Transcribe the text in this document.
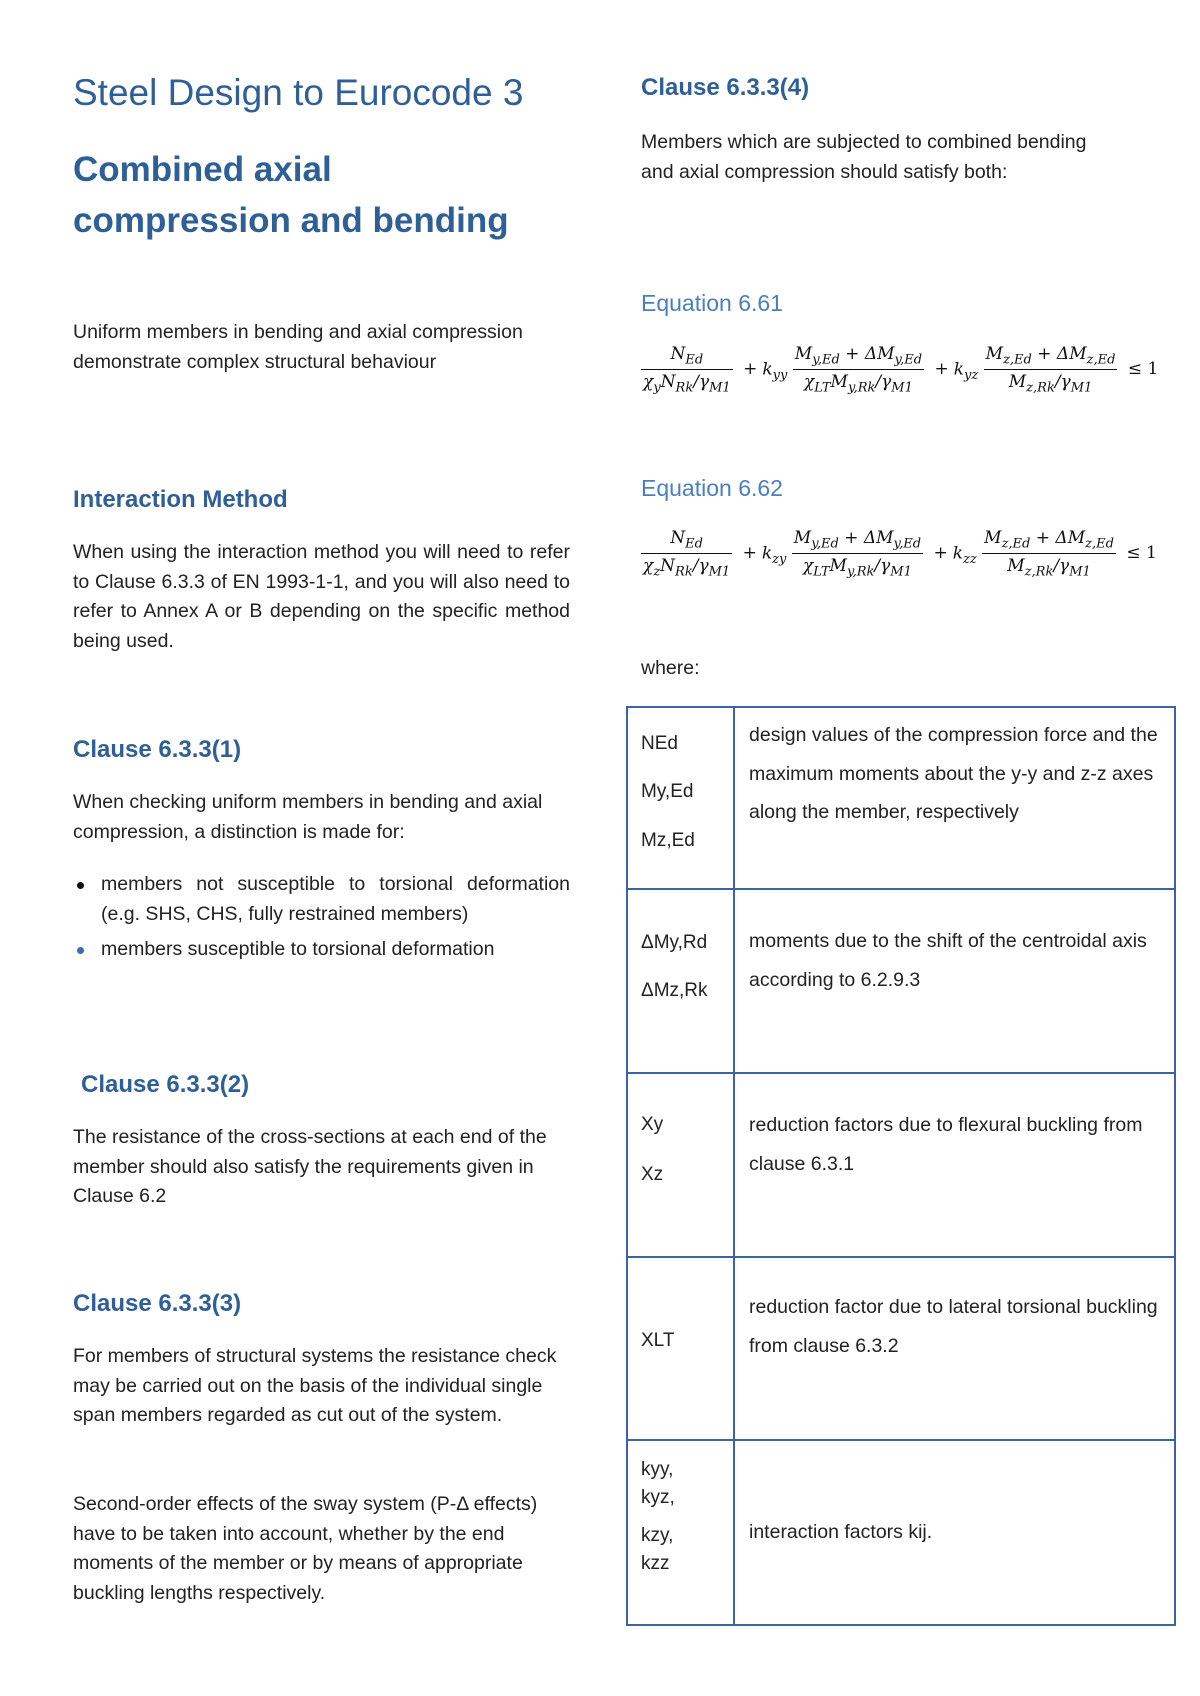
Steel Design to Eurocode 3
Combined axial
compression and bending

Uniform members in bending and axial compression demonstrate complex structural behaviour

Interaction Method

When using the interaction method you will need to refer to Clause 6.3.3 of EN 1993-1-1, and you will also need to refer to Annex A or B depending on the specific method being used.

Clause 6.3.3(1)

When checking uniform members in bending and axial compression, a distinction is made for:

members not susceptible to torsional deformation (e.g. SHS, CHS, fully restrained members)
members susceptible to torsional deformation
Clause 6.3.3(2)

The resistance of the cross-sections at each end of the member should also satisfy the requirements given in Clause 6.2

Clause 6.3.3(3)

For members of structural systems the resistance check may be carried out on the basis of the individual single span members regarded as cut out of the system.

Second-order effects of the sway system (P-Δ effects) have to be taken into account, whether by the end moments of the member or by means of appropriate buckling lengths respectively.

Clause 6.3.3(4)

Members which are subjected to combined bending and axial compression should satisfy both:

Equation 6.61
$\frac{N_{Ed}}{\chi_yN_{Rk}/\gamma_{M1}} + k_{yy} \frac{M_{y,Ed} + \Delta M_{y,Ed}}{\chi_{LT}M_{y,Rk}/\gamma_{M1}} + k_{yz} \frac{M_{z,Ed} + \Delta M_{z,Ed}}{M_{z,Rk}/\gamma_{M1}} \le 1$
Equation 6.62
$\frac{N_{Ed}}{\chi_zN_{Rk}/\gamma_{M1}} + k_{zy} \frac{M_{y,Ed} + \Delta M_{y,Ed}}{\chi_{LT}M_{y,Rk}/\gamma_{M1}} + k_{zz} \frac{M_{z,Ed} + \Delta M_{z,Ed}}{M_{z,Rk}/\gamma_{M1}} \le 1$
where:
NEd
My,Ed
Mz,Ed	design values of the compression force and the maximum moments about the y-y and z-z axes along the member, respectively

ΔMy,Rd
ΔMz,Rk	moments due to the shift of the centroidal axis according to 6.2.9.3

Χy
Χz	reduction factors due to flexural buckling from clause 6.3.1

ΧLT	reduction factor due to lateral torsional buckling from clause 6.3.2

kyy,
kyz,
kzy,
kzz	interaction factors kij.
